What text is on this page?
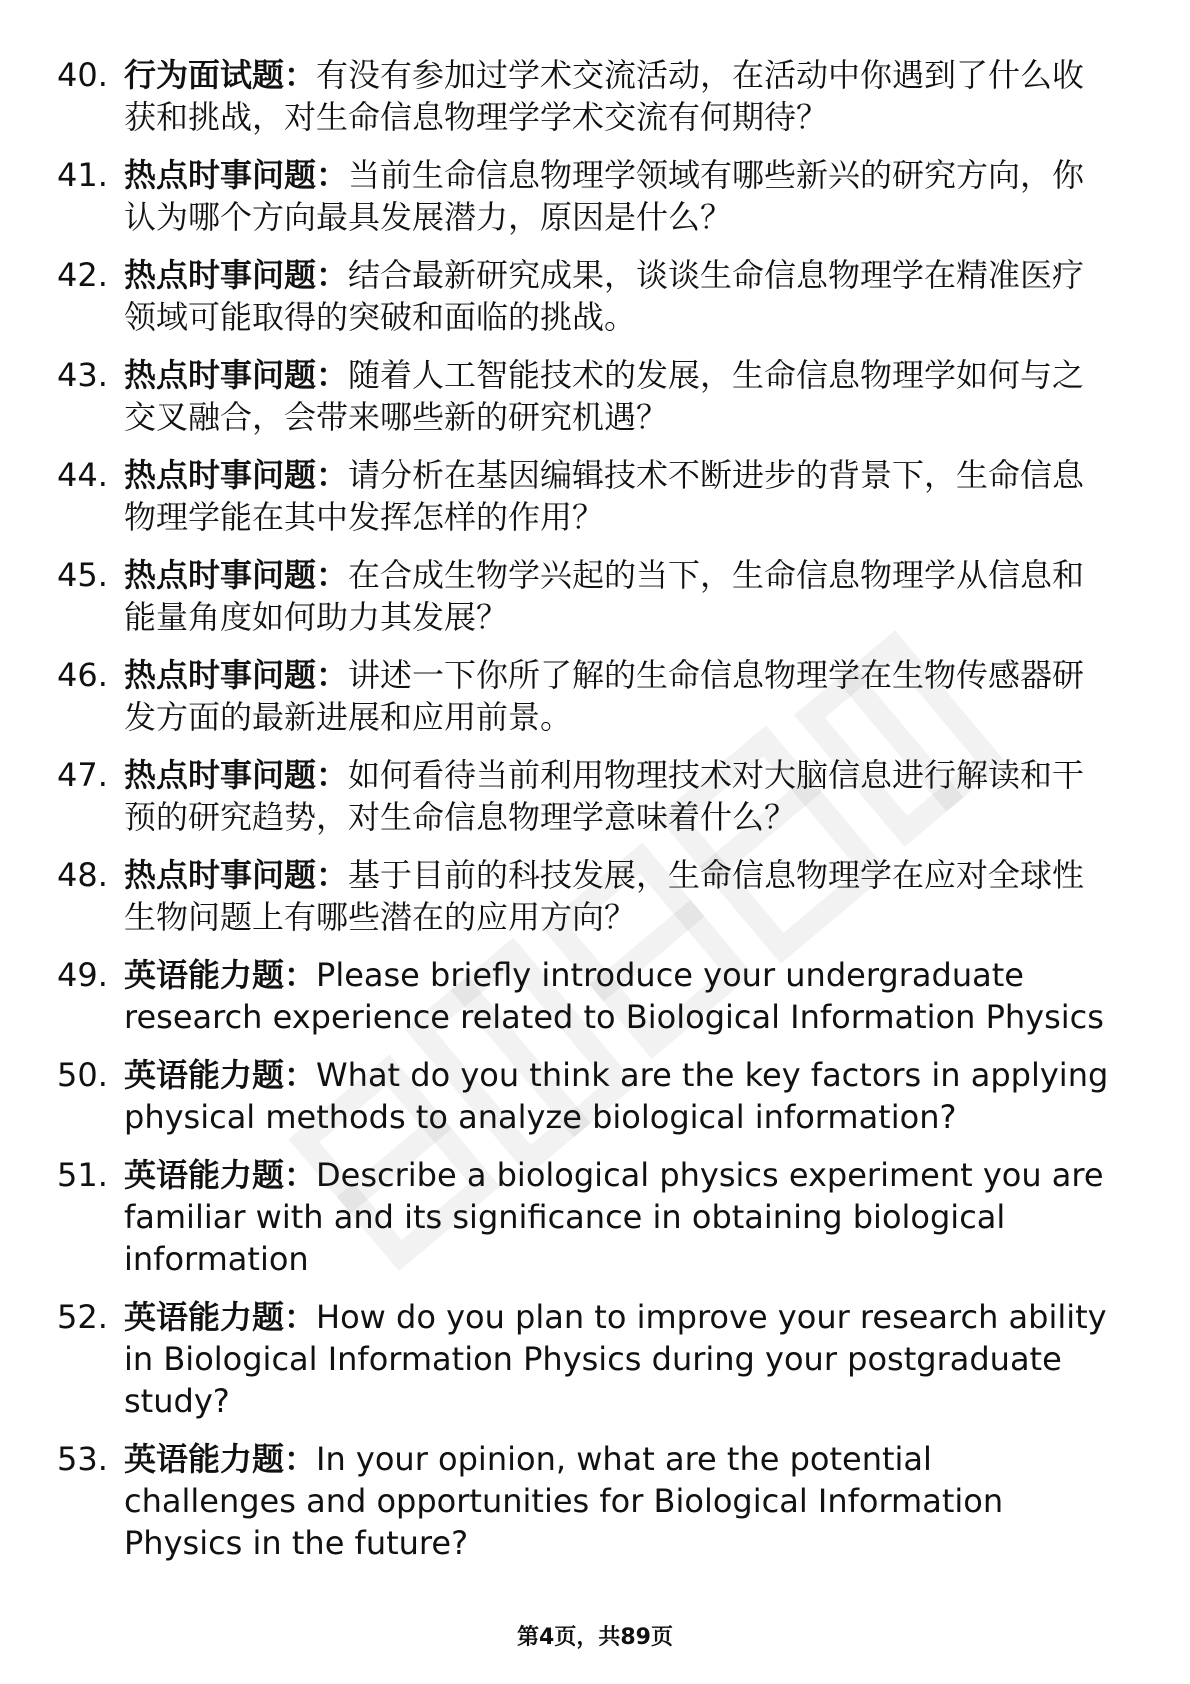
40. 行为面试题：有没有参加过学术交流活动，在活动中你遇到了什么收获和挑战，对生命信息物理学学术交流有何期待？
41. 热点时事问题：当前生命信息物理学领域有哪些新兴的研究方向，你认为哪个方向最具发展潜力，原因是什么？
42. 热点时事问题：结合最新研究成果，谈谈生命信息物理学在精准医疗领域可能取得的突破和面临的挑战。
43. 热点时事问题：随着人工智能技术的发展，生命信息物理学如何与之交叉融合，会带来哪些新的研究机遇？
44. 热点时事问题：请分析在基因编辑技术不断进步的背景下，生命信息物理学能在其中发挥怎样的作用？
45. 热点时事问题：在合成生物学兴起的当下，生命信息物理学从信息和能量角度如何助力其发展？
46. 热点时事问题：讲述一下你所了解的生命信息物理学在生物传感器研发方面的最新进展和应用前景。
47. 热点时事问题：如何看待当前利用物理技术对大脑信息进行解读和干预的研究趋势，对生命信息物理学意味着什么？
48. 热点时事问题：基于目前的科技发展，生命信息物理学在应对全球性生物问题上有哪些潜在的应用方向？
49. 英语能力题：Please briefly introduce your undergraduate research experience related to Biological Information Physics
50. 英语能力题：What do you think are the key factors in applying physical methods to analyze biological information?
51. 英语能力题：Describe a biological physics experiment you are familiar with and its significance in obtaining biological information
52. 英语能力题：How do you plan to improve your research ability in Biological Information Physics during your postgraduate study?
53. 英语能力题：In your opinion, what are the potential challenges and opportunities for Biological Information Physics in the future?
第4页，共89页
